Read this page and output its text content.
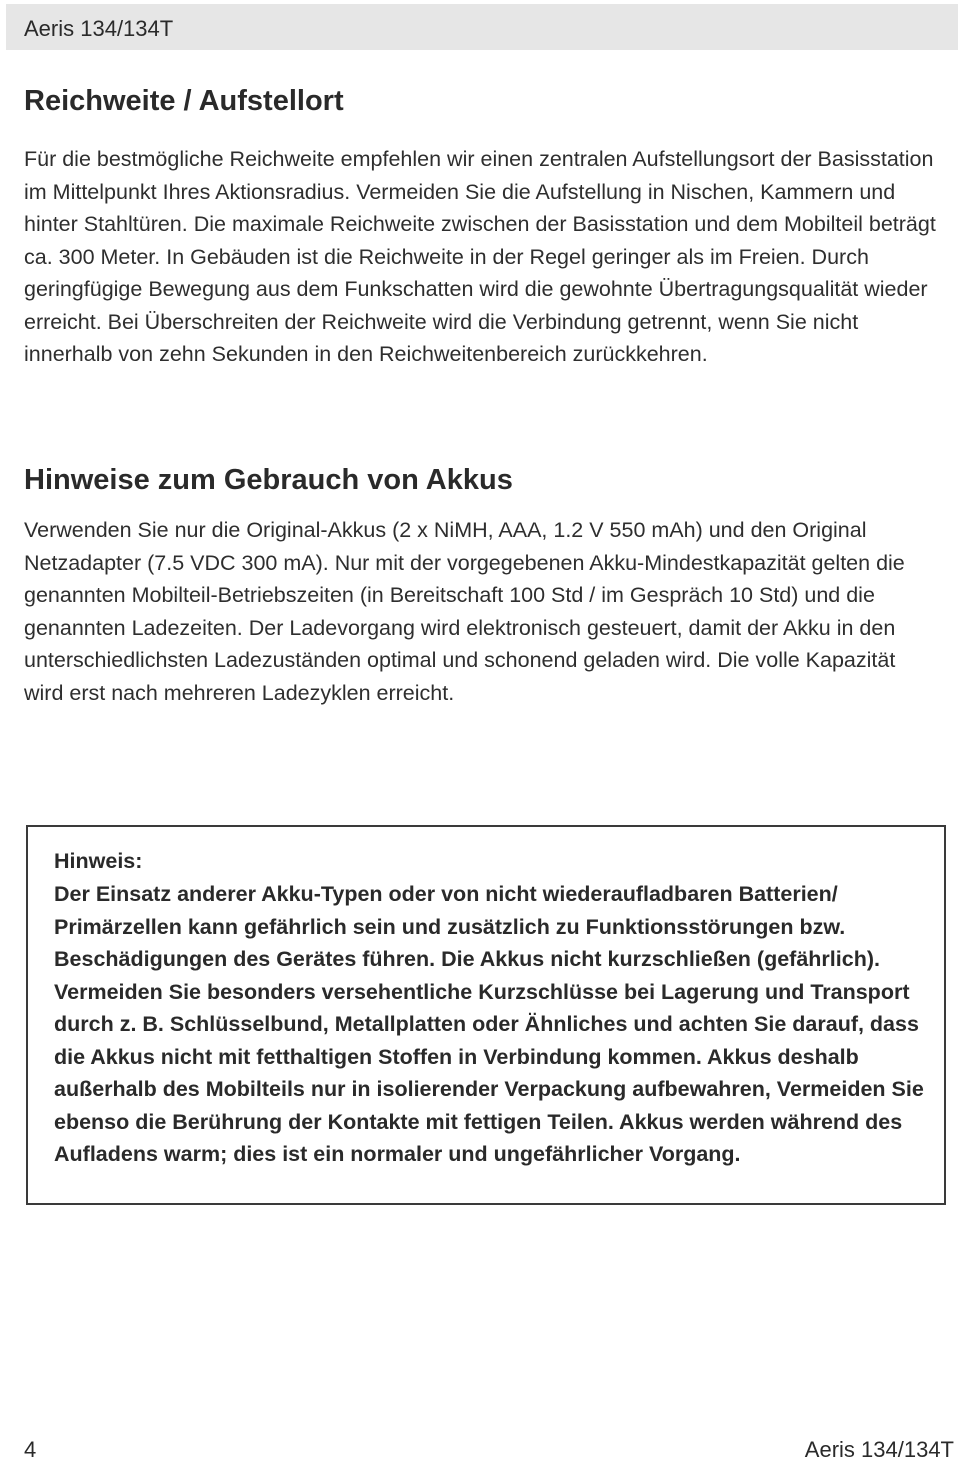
Aeris 134/134T
Reichweite / Aufstellort

Für die bestmögliche Reichweite empfehlen wir einen zentralen Aufstellungsort der Basisstation im Mittelpunkt Ihres Aktionsradius. Vermeiden Sie die Aufstellung in Nischen, Kammern und hinter Stahltüren. Die maximale Reichweite zwischen der Basisstation und dem Mobilteil beträgt ca. 300 Meter. In Gebäuden ist die Reichweite in der Regel geringer als im Freien. Durch geringfügige Bewegung aus dem Funkschatten wird die gewohnte Übertragungsqualität wieder erreicht. Bei Überschreiten der Reichweite wird die Verbindung getrennt, wenn Sie nicht innerhalb von zehn Sekunden in den Reichweitenbereich zurückkehren.

Hinweise zum Gebrauch von Akkus

Verwenden Sie nur die Original-Akkus (2 x NiMH, AAA, 1.2 V 550 mAh) und den Original Netzadapter (7.5 VDC 300 mA). Nur mit der vorgegebenen Akku-Mindestkapazität gelten die genannten Mobilteil-Betriebszeiten (in Bereitschaft 100 Std / im Gespräch 10 Std) und die genannten Ladezeiten. Der Ladevorgang wird elektronisch gesteuert, damit der Akku in den unterschiedlichsten Ladezuständen optimal und schonend geladen wird. Die volle Kapazität wird erst nach mehreren Ladezyklen erreicht.

Hinweis:

Der Einsatz anderer Akku-Typen oder von nicht wiederaufladbaren Batterien/ Primärzellen kann gefährlich sein und zusätzlich zu Funktionsstörungen bzw. Beschädigungen des Gerätes führen. Die Akkus nicht kurzschließen (gefährlich). Vermeiden Sie besonders versehentliche Kurzschlüsse bei Lagerung und Transport durch z. B. Schlüsselbund, Metallplatten oder Ähnliches und achten Sie darauf, dass die Akkus nicht mit fetthaltigen Stoffen in Verbindung kommen. Akkus deshalb außerhalb des Mobilteils nur in isolierender Verpackung aufbewahren, Vermeiden Sie ebenso die Berührung der Kontakte mit fettigen Teilen. Akkus werden während des Aufladens warm; dies ist ein normaler und ungefährlicher Vorgang.

4	Aeris 134/134T
